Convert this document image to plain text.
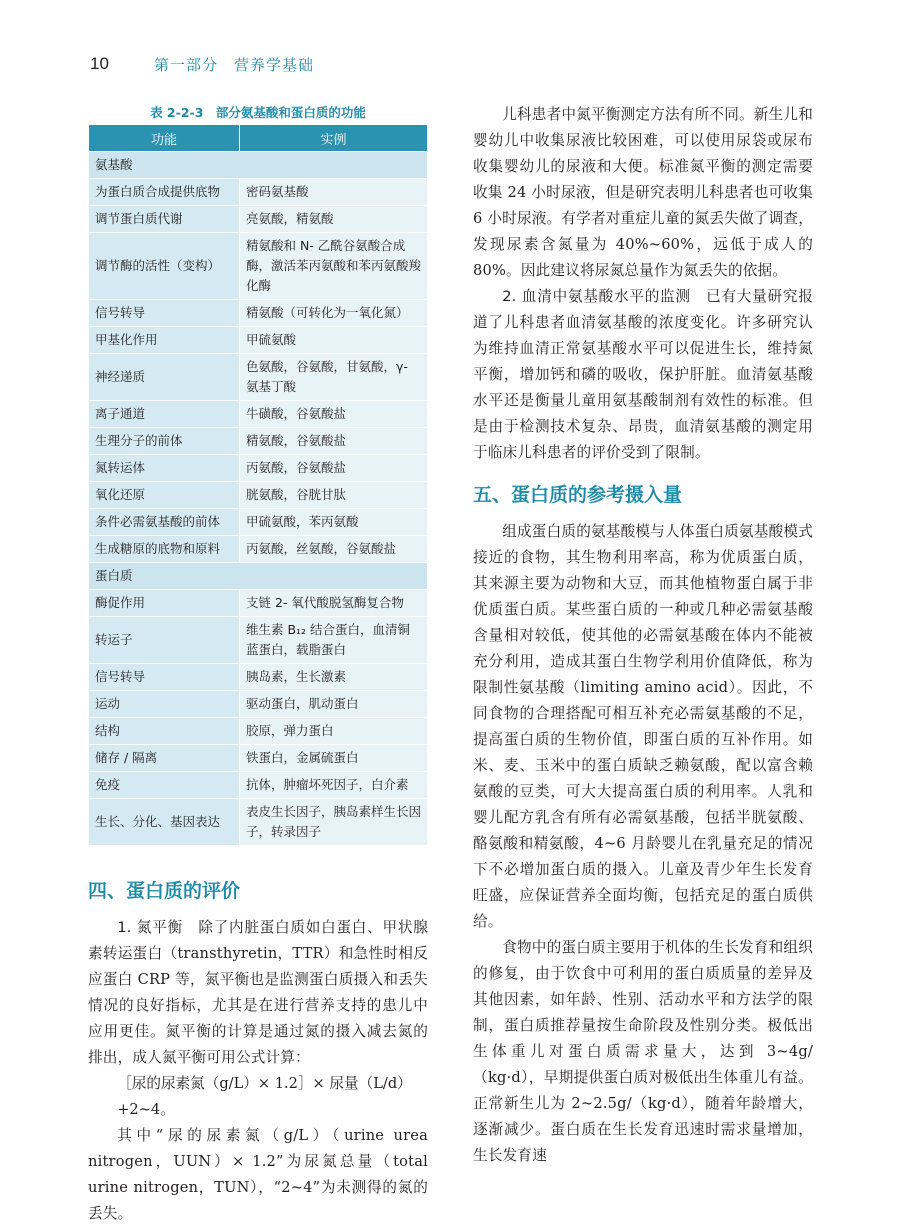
10	第一部分　营养学基础
表 2-2-3　部分氨基酸和蛋白质的功能
功能	实例
氨基酸	
为蛋白质合成提供底物	密码氨基酸
调节蛋白质代谢	亮氨酸，精氨酸
调节酶的活性（变构）	精氨酸和 N- 乙酰谷氨酸合成酶，激活苯丙氨酸和苯丙氨酸羧化酶
信号转导	精氨酸（可转化为一氧化氮）
甲基化作用	甲硫氨酸
神经递质	色氨酸，谷氨酸，甘氨酸，γ- 氨基丁酸
离子通道	牛磺酸，谷氨酸盐
生理分子的前体	精氨酸，谷氨酸盐
氮转运体	丙氨酸，谷氨酸盐
氧化还原	胱氨酸，谷胱甘肽
条件必需氨基酸的前体	甲硫氨酸，苯丙氨酸
生成糖原的底物和原料	丙氨酸，丝氨酸，谷氨酸盐
蛋白质	
酶促作用	支链 2- 氧代酸脱氢酶复合物
转运子	维生素 B₁₂ 结合蛋白，血清铜蓝蛋白，载脂蛋白
信号转导	胰岛素，生长激素
运动	驱动蛋白，肌动蛋白
结构	胶原，弹力蛋白
储存 / 隔离	铁蛋白，金属硫蛋白
免疫	抗体，肿瘤坏死因子，白介素
生长、分化、基因表达	表皮生长因子，胰岛素样生长因子，转录因子
四、蛋白质的评价

1. 氮平衡　 除了内脏蛋白质如白蛋白、甲状腺素转运蛋白（transthyretin，TTR）和急性时相反应蛋白 CRP 等，氮平衡也是监测蛋白质摄入和丢失情况的良好指标，尤其是在进行营养支持的患儿中应用更佳。氮平衡的计算是通过氮的摄入减去氮的排出，成人氮平衡可用公式计算：

［尿的尿素氮（g/L）× 1.2］× 尿量（L/d）+2~4。

其中“尿的尿素氮（g/L）（urine urea nitrogen，UUN）× 1.2”为尿氮总量（total urine nitrogen，TUN），“2~4”为未测得的氮的丢失。

儿科患者中氮平衡测定方法有所不同。新生儿和婴幼儿中收集尿液比较困难，可以使用尿袋或尿布收集婴幼儿的尿液和大便。标准氮平衡的测定需要收集 24 小时尿液，但是研究表明儿科患者也可收集 6 小时尿液。有学者对重症儿童的氮丢失做了调查，发现尿素含氮量为 40%~60%，远低于成人的 80%。因此建议将尿氮总量作为氮丢失的依据。

2. 血清中氨基酸水平的监测　 已有大量研究报道了儿科患者血清氨基酸的浓度变化。许多研究认为维持血清正常氨基酸水平可以促进生长，维持氮平衡，增加钙和磷的吸收，保护肝脏。血清氨基酸水平还是衡量儿童用氨基酸制剂有效性的标准。但是由于检测技术复杂、昂贵，血清氨基酸的测定用于临床儿科患者的评价受到了限制。

五、蛋白质的参考摄入量

组成蛋白质的氨基酸模与人体蛋白质氨基酸模式接近的食物，其生物利用率高，称为优质蛋白质，其来源主要为动物和大豆，而其他植物蛋白属于非优质蛋白质。某些蛋白质的一种或几种必需氨基酸含量相对较低，使其他的必需氨基酸在体内不能被充分利用，造成其蛋白生物学利用价值降低，称为限制性氨基酸（limiting amino acid）。因此，不同食物的合理搭配可相互补充必需氨基酸的不足，提高蛋白质的生物价值，即蛋白质的互补作用。如米、麦、玉米中的蛋白质缺乏赖氨酸，配以富含赖氨酸的豆类，可大大提高蛋白质的利用率。人乳和婴儿配方乳含有所有必需氨基酸，包括半胱氨酸、酪氨酸和精氨酸，4~6 月龄婴儿在乳量充足的情况下不必增加蛋白质的摄入。儿童及青少年生长发育旺盛，应保证营养全面均衡，包括充足的蛋白质供给。

食物中的蛋白质主要用于机体的生长发育和组织的修复，由于饮食中可利用的蛋白质质量的差异及其他因素，如年龄、性别、活动水平和方法学的限制，蛋白质推荐量按生命阶段及性别分类。极低出生体重儿对蛋白质需求量大，达到 3~4g/（kg·d），早期提供蛋白质对极低出生体重儿有益。正常新生儿为 2~2.5g/（kg·d），随着年龄增大，逐渐减少。蛋白质在生长发育迅速时需求量增加，生长发育速
